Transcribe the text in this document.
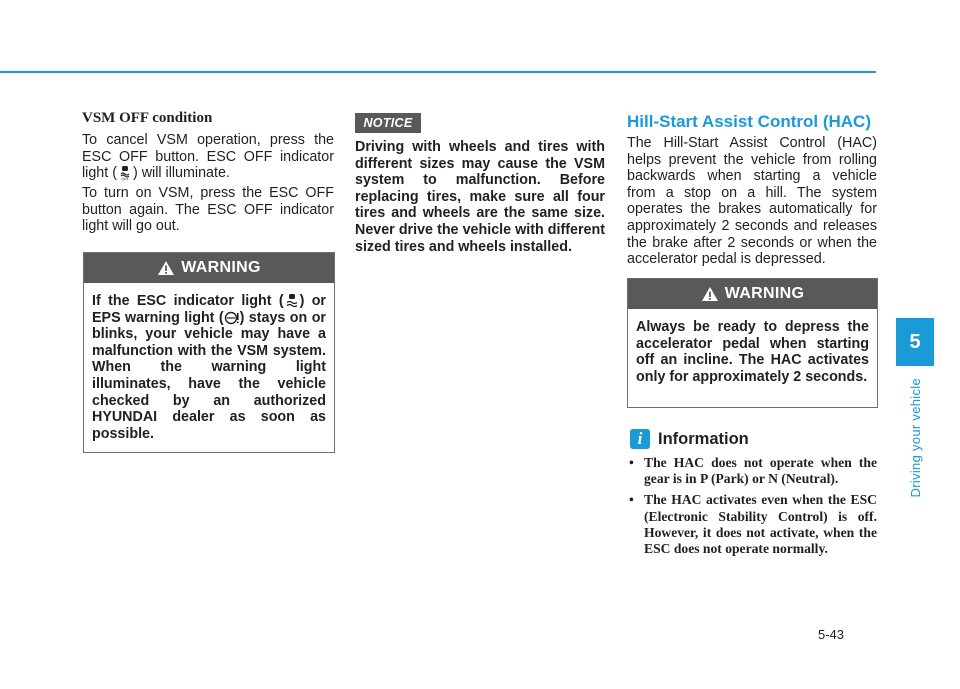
VSM OFF condition

To cancel VSM operation, press the ESC OFF button. ESC OFF indicator light ( OFF ) will illuminate.

To turn on VSM, press the ESC OFF button again. The ESC OFF indicator light will go out.

WARNING

If the ESC indicator light ( ) or EPS warning light ( ) stays on or blinks, your vehicle may have a malfunction with the VSM system. When the warning light illuminates, have the vehicle checked by an authorized HYUNDAI dealer as soon as possible.

NOTICE

Driving with wheels and tires with different sizes may cause the VSM system to malfunction. Before replacing tires, make sure all four tires and wheels are the same size. Never drive the vehicle with different sized tires and wheels installed.

Hill-Start Assist Control (HAC)

The Hill-Start Assist Control (HAC) helps prevent the vehicle from rolling backwards when starting a vehicle from a stop on a hill. The system operates the brakes automatically for approximately 2 seconds and releases the brake after 2 seconds or when the accelerator pedal is depressed.

WARNING

Always be ready to depress the accelerator pedal when starting off an incline. The HAC activates only for approximately 2 seconds.

i Information
• The HAC does not operate when the gear is in P (Park) or N (Neutral).
• The HAC activates even when the ESC (Electronic Stability Control) is off. However, it does not activate, when the ESC does not operate normally.
5
Driving your vehicle
5-43
